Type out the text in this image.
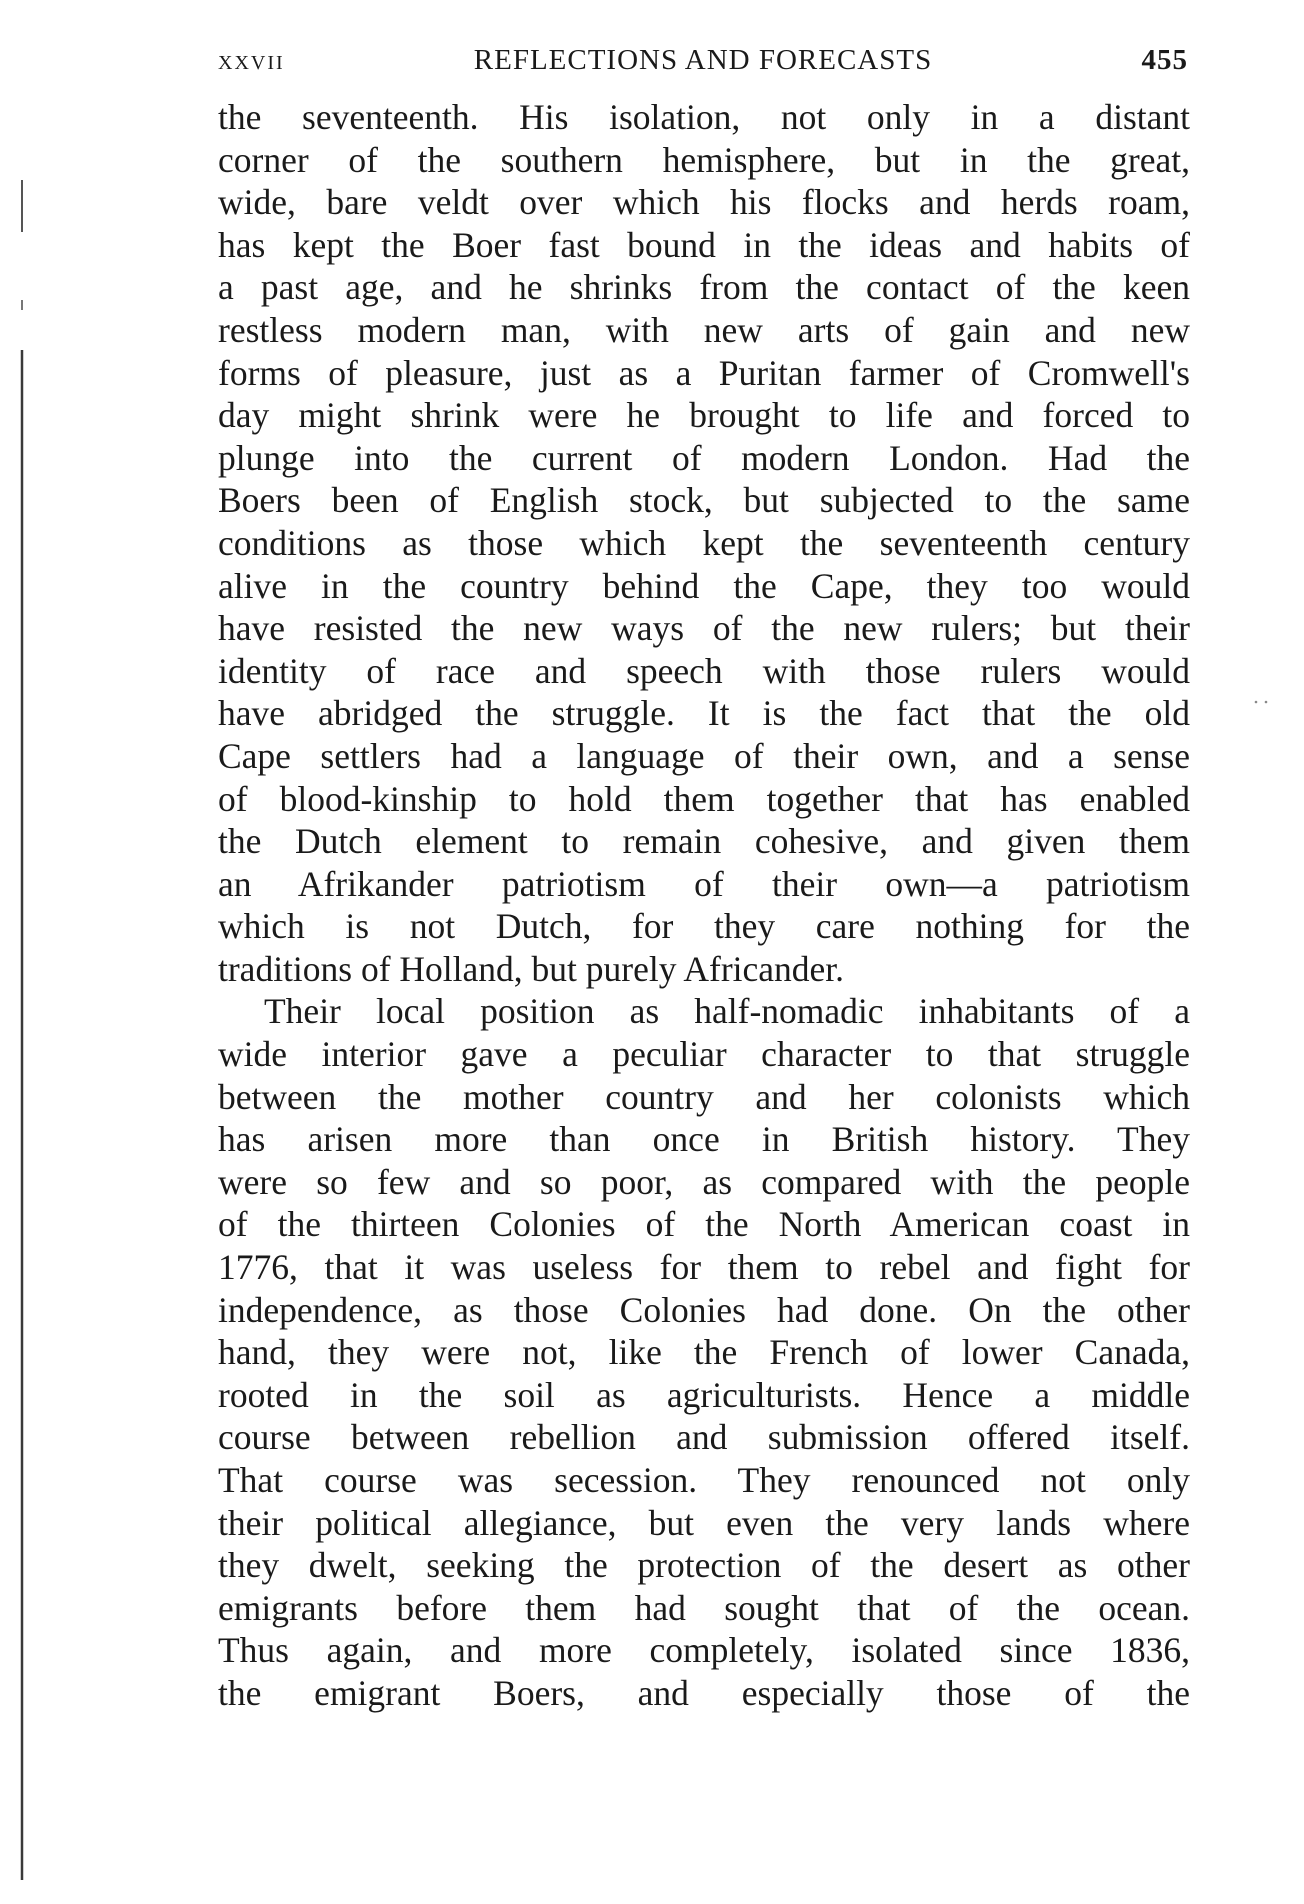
xxvii	REFLECTIONS AND FORECASTS	455
the seventeenth. His isolation, not only in a distant
corner of the southern hemisphere, but in the great,
wide, bare veldt over which his flocks and herds roam,
has kept the Boer fast bound in the ideas and habits of
a past age, and he shrinks from the contact of the keen
restless modern man, with new arts of gain and new
forms of pleasure, just as a Puritan farmer of Cromwell's
day might shrink were he brought to life and forced to
plunge into the current of modern London. Had the
Boers been of English stock, but subjected to the same
conditions as those which kept the seventeenth century
alive in the country behind the Cape, they too would
have resisted the new ways of the new rulers; but their
identity of race and speech with those rulers would
have abridged the struggle. It is the fact that the old
Cape settlers had a language of their own, and a sense
of blood-kinship to hold them together that has enabled
the Dutch element to remain cohesive, and given them
an Afrikander patriotism of their own—a patriotism
which is not Dutch, for they care nothing for the
traditions of Holland, but purely Africander.
Their local position as half-nomadic inhabitants of a
wide interior gave a peculiar character to that struggle
between the mother country and her colonists which
has arisen more than once in British history. They
were so few and so poor, as compared with the people
of the thirteen Colonies of the North American coast in
1776, that it was useless for them to rebel and fight for
independence, as those Colonies had done. On the other
hand, they were not, like the French of lower Canada,
rooted in the soil as agriculturists. Hence a middle
course between rebellion and submission offered itself.
That course was secession. They renounced not only
their political allegiance, but even the very lands where
they dwelt, seeking the protection of the desert as other
emigrants before them had sought that of the ocean.
Thus again, and more completely, isolated since 1836,
the emigrant Boers, and especially those of the
